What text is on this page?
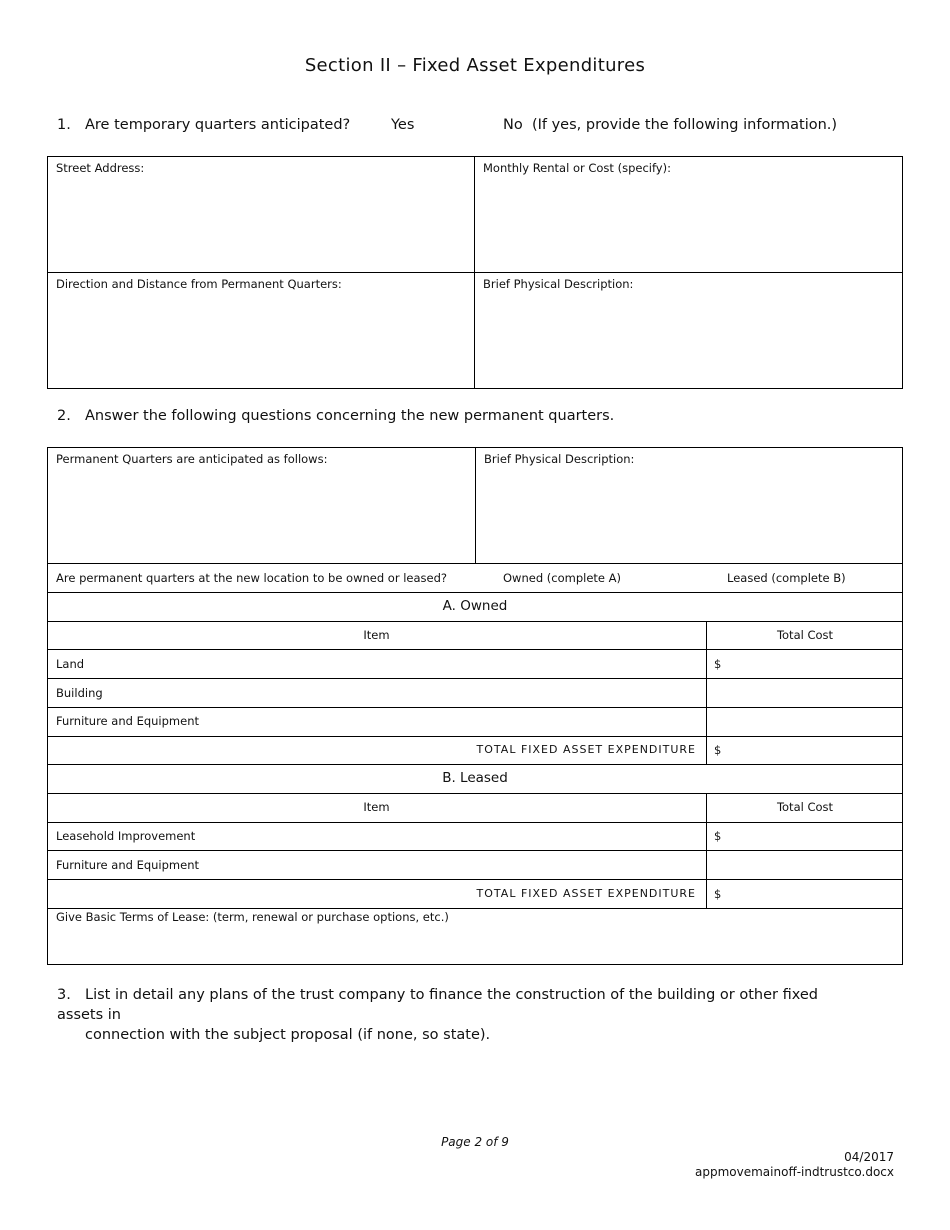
Section II – Fixed Asset Expenditures
1. Are temporary quarters anticipated?	Yes	No (If yes, provide the following information.)
Street Address:	Monthly Rental or Cost (specify):
Direction and Distance from Permanent Quarters:	Brief Physical Description:
2. Answer the following questions concerning the new permanent quarters.
Permanent Quarters are anticipated as follows:	Brief Physical Description:
Are permanent quarters at the new location to be owned or leased?	Owned (complete A)	Leased (complete B)
A. Owned
Item	Total Cost
Land	$
Building
Furniture and Equipment
TOTAL FIXED ASSET EXPENDITURE $
B. Leased
Item	Total Cost
Leasehold Improvement	$
Furniture and Equipment
TOTAL FIXED ASSET EXPENDITURE $
Give Basic Terms of Lease: (term, renewal or purchase options, etc.)
3. List in detail any plans of the trust company to finance the construction of the building or other fixed assets in
connection with the subject proposal (if none, so state).
Page 2 of 9
04/2017
appmovemainoff-indtrustco.docx
